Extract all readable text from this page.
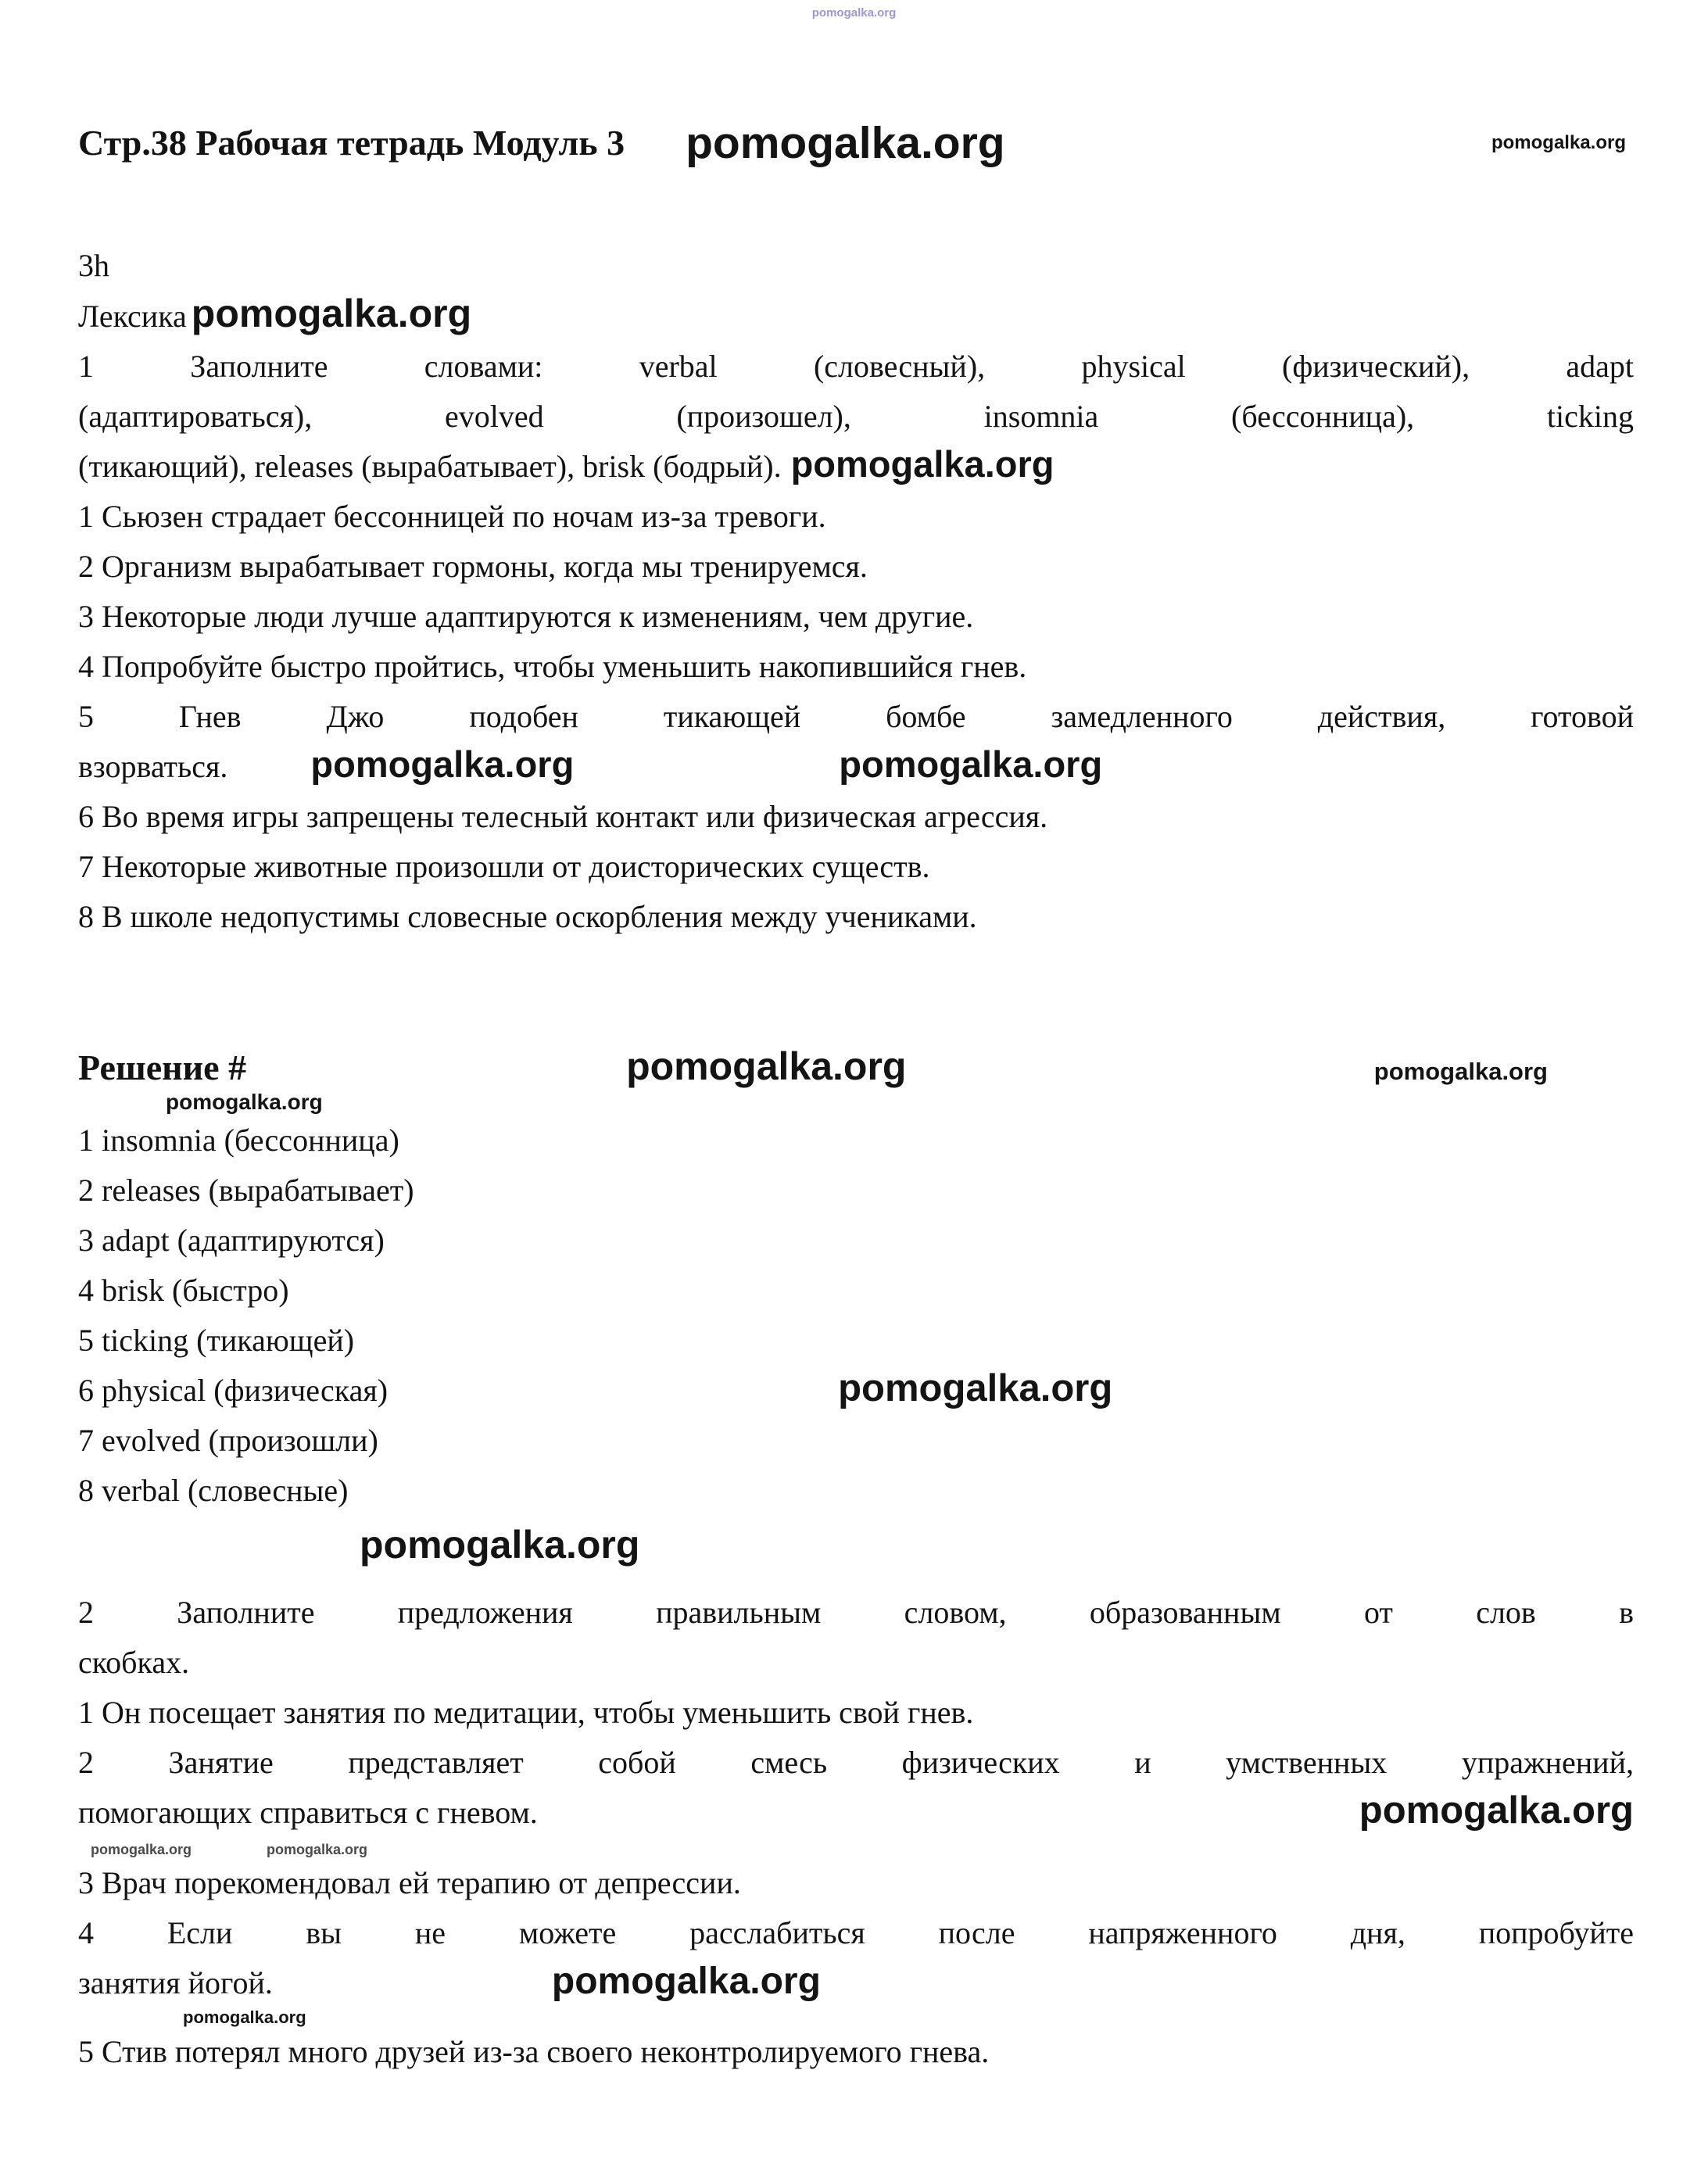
pomogalka.org
Стр.38 Рабочая тетрадь Модуль 3 pomogalka.org	pomogalka.org
3h
Лексика pomogalka.org
1 Заполните словами: verbal (словесный), physical (физический), adapt
(адаптироваться), evolved (произошел), insomnia (бессонница), ticking
(тикающий), releases (вырабатывает), brisk (бодрый). pomogalka.org
1 Сьюзен страдает бессонницей по ночам из-за тревоги.
2 Организм вырабатывает гормоны, когда мы тренируемся.
3 Некоторые люди лучше адаптируются к изменениям, чем другие.
4 Попробуйте быстро пройтись, чтобы уменьшить накопившийся гнев.
5 Гнев Джо подобен тикающей бомбе замедленного действия, готовой
взорваться. pomogalka.org	pomogalka.org
6 Во время игры запрещены телесный контакт или физическая агрессия.
7 Некоторые животные произошли от доисторических существ.
8 В школе недопустимы словесные оскорбления между учениками.
Решение #	pomogalka.org	pomogalka.org
pomogalka.org
1 insomnia (бессонница)
2 releases (вырабатывает)
3 adapt (адаптируются)
4 brisk (быстро)
5 ticking (тикающей)
6 physical (физическая)	pomogalka.org
7 evolved (произошли)
8 verbal (словесные)
pomogalka.org
2 Заполните предложения правильным словом, образованным от слов в
скобках.
1 Он посещает занятия по медитации, чтобы уменьшить свой гнев.
2 Занятие представляет собой смесь физических и умственных упражнений,
помогающих справиться с гневом.	pomogalka.org
pomogalka.org	pomogalka.org
3 Врач порекомендовал ей терапию от депрессии.
4 Если вы не можете расслабиться после напряженного дня, попробуйте
занятия йогой.	pomogalka.org
pomogalka.org
5 Стив потерял много друзей из-за своего неконтролируемого гнева.
